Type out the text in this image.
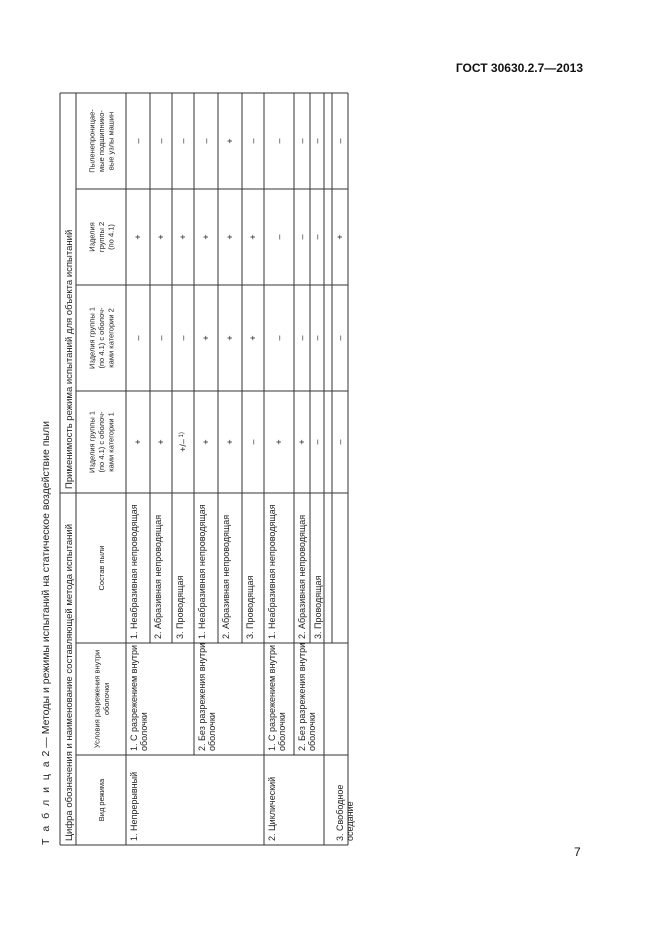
ГОСТ 30630.2.7—2013
Т а б л и ц а 2 — Методы и режимы испытаний на статическое воздействие пыли Цифра обозначения и наименование составляющей метода испытаний
Применимость режима испытаний для объекта испытаний
Вид режима
Условия разрежения внутри оболочки
Состав пыли
Изделия группы 1 (по 4.1) с оболоч- ками категории 1
Изделия группы 1 (по 4.1) с оболоч- ками категории 2
Изделия группы 2 (по 4.1)
Пыленепроницае- мые подшипнико- вые узлы машин
1. Непрерывный
1. С разрежением внутри оболочки
1. Неабразивная непроводящая
+
–
+
–
2. Абразивная непроводящая
+
–
+
–
3. Проводящая
+/– $^{1)}$
–
+
–
2. Без разрежения внутри оболочки
1. Неабразивная непроводящая
+
+
+
–
2. Абразивная непроводящая
+
+
+
+
3. Проводящая
–
+
+
–
2. Циклический
1. С разрежением внутри оболочки
1. Неабразивная непроводящая
+
–
–
–
2. Без разрежения внутри оболочки
2. Абразивная непроводящая
+
–
–
–
3. Проводящая
–
–
–
–
3. Свободное оседание
–
–
+
–
7
